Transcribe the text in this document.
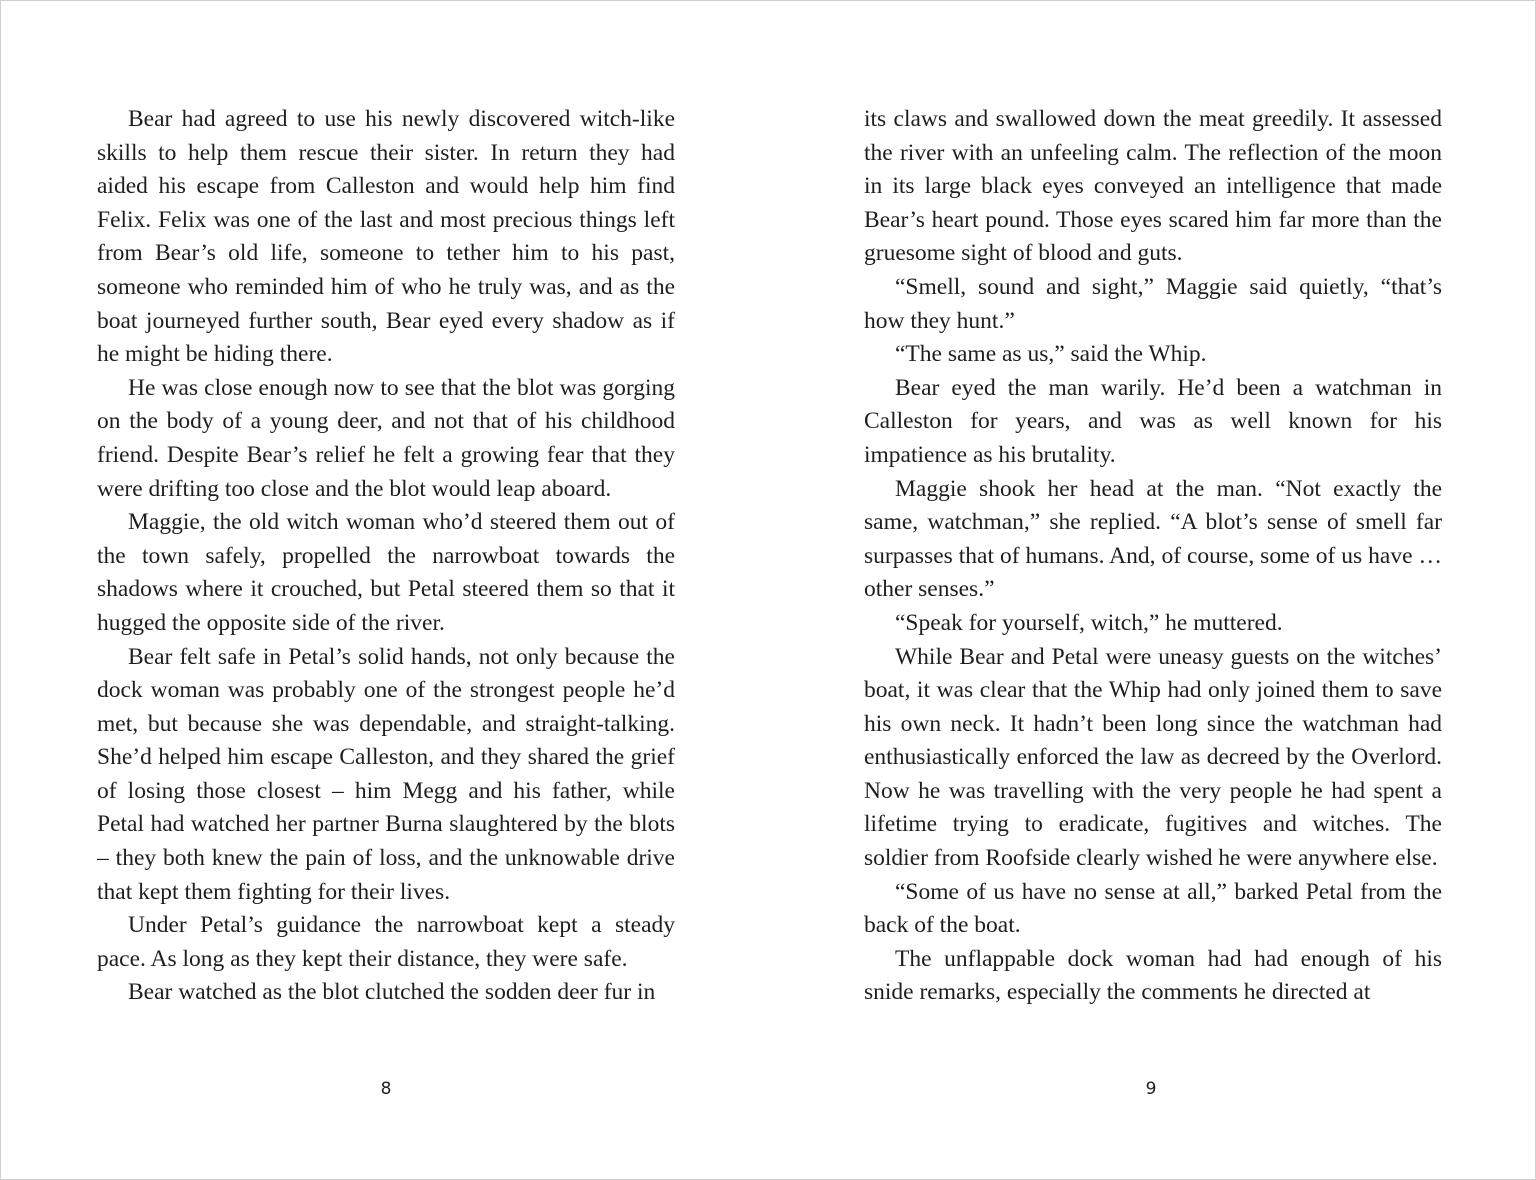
Bear had agreed to use his newly discovered witch-like skills to help them rescue their sister. In return they had aided his escape from Calleston and would help him find Felix. Felix was one of the last and most precious things left from Bear’s old life, someone to tether him to his past, someone who reminded him of who he truly was, and as the boat journeyed further south, Bear eyed every shadow as if he might be hiding there.

He was close enough now to see that the blot was gorging on the body of a young deer, and not that of his childhood friend. Despite Bear’s relief he felt a growing fear that they were drifting too close and the blot would leap aboard.

Maggie, the old witch woman who’d steered them out of the town safely, propelled the narrowboat towards the shadows where it crouched, but Petal steered them so that it hugged the opposite side of the river.

Bear felt safe in Petal’s solid hands, not only because the dock woman was probably one of the strongest people he’d met, but because she was dependable, and straight-talking. She’d helped him escape Calleston, and they shared the grief of losing those closest – him Megg and his father, while Petal had watched her partner Burna slaughtered by the blots – they both knew the pain of loss, and the unknowable drive that kept them fighting for their lives.

Under Petal’s guidance the narrowboat kept a steady pace. As long as they kept their distance, they were safe.

Bear watched as the blot clutched the sodden deer fur in

8

its claws and swallowed down the meat greedily. It assessed the river with an unfeeling calm. The reflection of the moon in its large black eyes conveyed an intelligence that made Bear’s heart pound. Those eyes scared him far more than the gruesome sight of blood and guts.

“Smell, sound and sight,” Maggie said quietly, “that’s how they hunt.”

“The same as us,” said the Whip.

Bear eyed the man warily. He’d been a watchman in Calleston for years, and was as well known for his impatience as his brutality.

Maggie shook her head at the man. “Not exactly the same, watchman,” she replied. “A blot’s sense of smell far surpasses that of humans. And, of course, some of us have … other senses.”

“Speak for yourself, witch,” he muttered.

While Bear and Petal were uneasy guests on the witches’ boat, it was clear that the Whip had only joined them to save his own neck. It hadn’t been long since the watchman had enthusiastically enforced the law as decreed by the Overlord. Now he was travelling with the very people he had spent a lifetime trying to eradicate, fugitives and witches. The soldier from Roofside clearly wished he were anywhere else.

“Some of us have no sense at all,” barked Petal from the back of the boat.

The unflappable dock woman had had enough of his snide remarks, especially the comments he directed at

9
